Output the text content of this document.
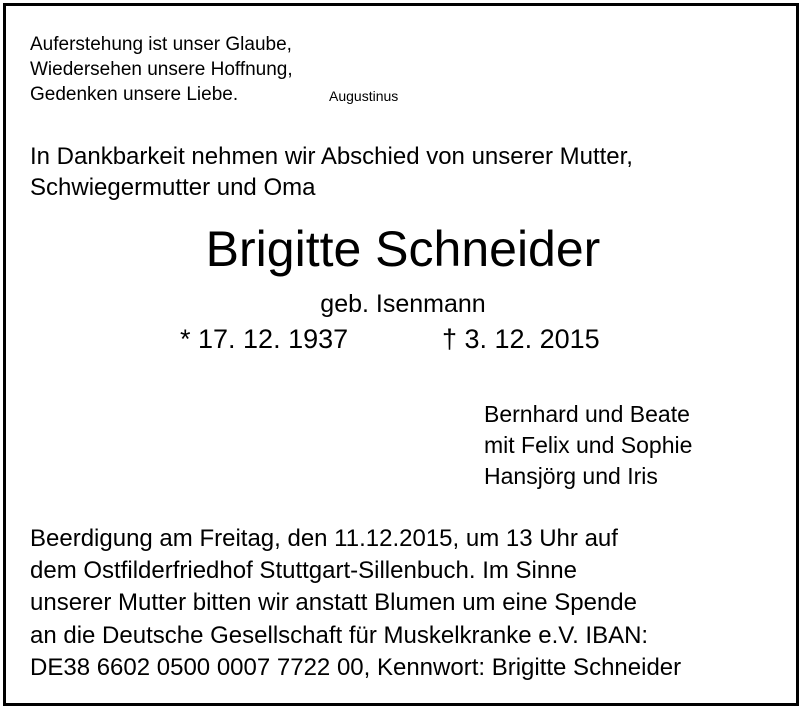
Auferstehung ist unser Glaube,
Wiedersehen unsere Hoffnung,
Gedenken unsere Liebe.	Augustinus
In Dankbarkeit nehmen wir Abschied von unserer Mutter,
Schwiegermutter und Oma
Brigitte Schneider
geb. Isenmann
* 17. 12. 1937	† 3. 12. 2015
Bernhard und Beate
mit Felix und Sophie
Hansjörg und Iris
Beerdigung am Freitag, den 11.12.2015, um 13 Uhr auf
dem Ostfilderfriedhof Stuttgart-Sillenbuch. Im Sinne
unserer Mutter bitten wir anstatt Blumen um eine Spende
an die Deutsche Gesellschaft für Muskelkranke e.V. IBAN:
DE38 6602 0500 0007 7722 00, Kennwort: Brigitte Schneider
